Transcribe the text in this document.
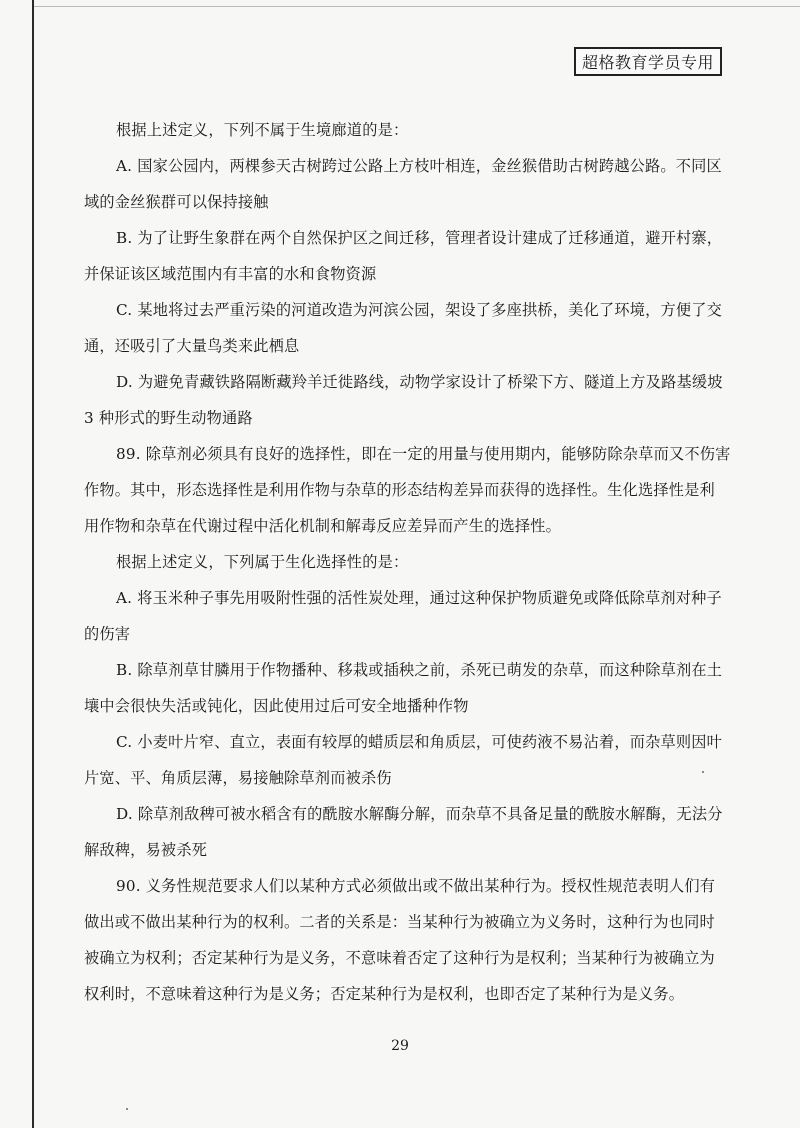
超格教育学员专用
根据上述定义，下列不属于生境廊道的是：
A. 国家公园内，两棵参天古树跨过公路上方枝叶相连，金丝猴借助古树跨越公路。不同区
域的金丝猴群可以保持接触
B. 为了让野生象群在两个自然保护区之间迁移，管理者设计建成了迁移通道，避开村寨，
并保证该区域范围内有丰富的水和食物资源
C. 某地将过去严重污染的河道改造为河滨公园，架设了多座拱桥，美化了环境，方便了交
通，还吸引了大量鸟类来此栖息
D. 为避免青藏铁路隔断藏羚羊迁徙路线，动物学家设计了桥梁下方、隧道上方及路基缓坡
3 种形式的野生动物通路
89. 除草剂必须具有良好的选择性，即在一定的用量与使用期内，能够防除杂草而又不伤害
作物。其中，形态选择性是利用作物与杂草的形态结构差异而获得的选择性。生化选择性是利
用作物和杂草在代谢过程中活化机制和解毒反应差异而产生的选择性。
根据上述定义，下列属于生化选择性的是：
A. 将玉米种子事先用吸附性强的活性炭处理，通过这种保护物质避免或降低除草剂对种子
的伤害
B. 除草剂草甘膦用于作物播种、移栽或插秧之前，杀死已萌发的杂草，而这种除草剂在土
壤中会很快失活或钝化，因此使用过后可安全地播种作物
C. 小麦叶片窄、直立，表面有较厚的蜡质层和角质层，可使药液不易沾着，而杂草则因叶
片宽、平、角质层薄，易接触除草剂而被杀伤
D. 除草剂敌稗可被水稻含有的酰胺水解酶分解，而杂草不具备足量的酰胺水解酶，无法分
解敌稗，易被杀死
90. 义务性规范要求人们以某种方式必须做出或不做出某种行为。授权性规范表明人们有
做出或不做出某种行为的权利。二者的关系是：当某种行为被确立为义务时，这种行为也同时
被确立为权利；否定某种行为是义务，不意味着否定了这种行为是权利；当某种行为被确立为
权利时，不意味着这种行为是义务；否定某种行为是权利，也即否定了某种行为是义务。
29
